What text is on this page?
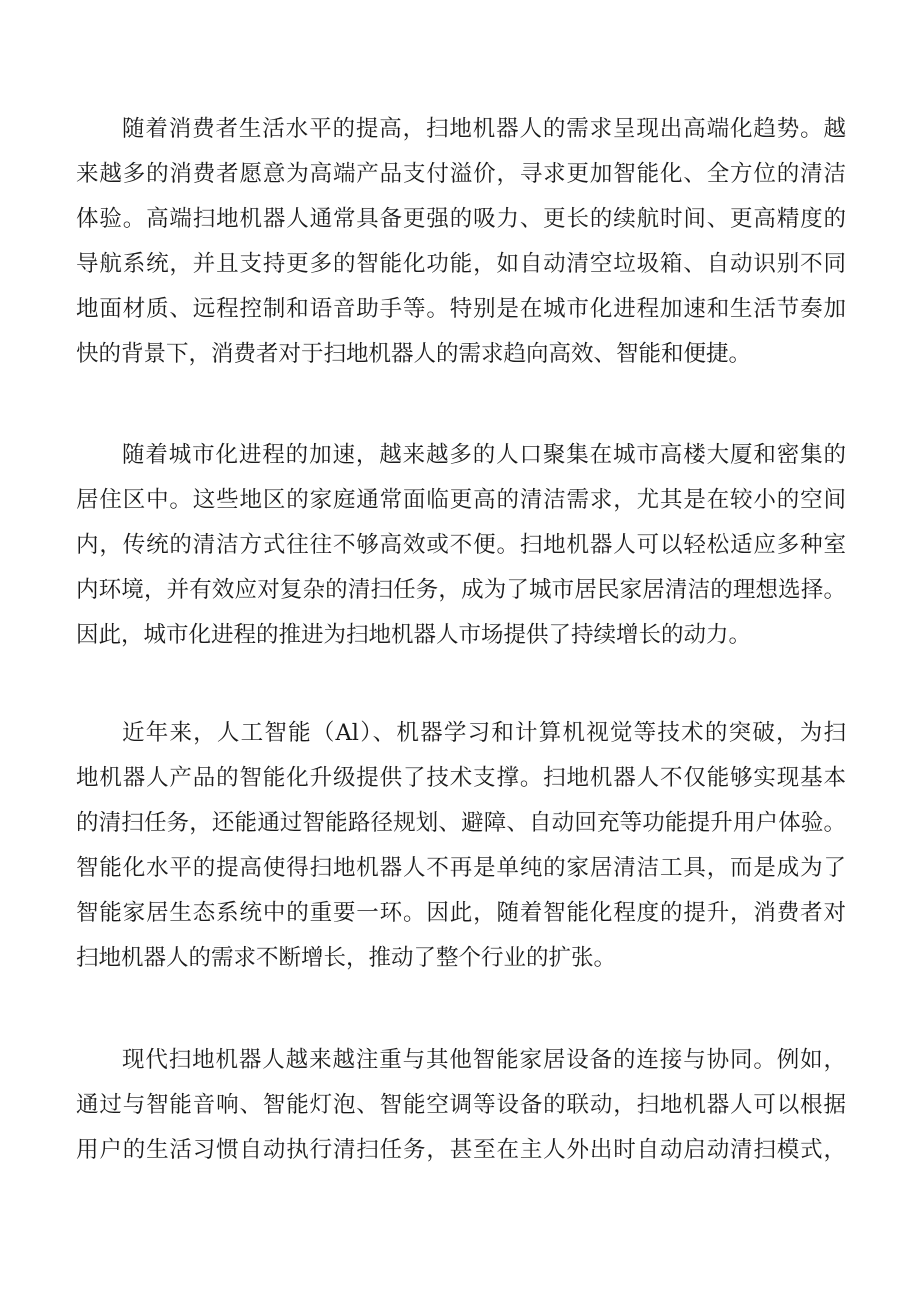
随着消费者生活水平的提高，扫地机器人的需求呈现出高端化趋势。越
来越多的消费者愿意为高端产品支付溢价，寻求更加智能化、全方位的清洁
体验。高端扫地机器人通常具备更强的吸力、更长的续航时间、更高精度的
导航系统，并且支持更多的智能化功能，如自动清空垃圾箱、自动识别不同
地面材质、远程控制和语音助手等。特别是在城市化进程加速和生活节奏加
快的背景下，消费者对于扫地机器人的需求趋向高效、智能和便捷。
随着城市化进程的加速，越来越多的人口聚集在城市高楼大厦和密集的
居住区中。这些地区的家庭通常面临更高的清洁需求，尤其是在较小的空间
内，传统的清洁方式往往不够高效或不便。扫地机器人可以轻松适应多种室
内环境，并有效应对复杂的清扫任务，成为了城市居民家居清洁的理想选择。
因此，城市化进程的推进为扫地机器人市场提供了持续增长的动力。
近年来，人工智能（Al）、机器学习和计算机视觉等技术的突破，为扫
地机器人产品的智能化升级提供了技术支撑。扫地机器人不仅能够实现基本
的清扫任务，还能通过智能路径规划、避障、自动回充等功能提升用户体验。
智能化水平的提高使得扫地机器人不再是单纯的家居清洁工具，而是成为了
智能家居生态系统中的重要一环。因此，随着智能化程度的提升，消费者对
扫地机器人的需求不断增长，推动了整个行业的扩张。
现代扫地机器人越来越注重与其他智能家居设备的连接与协同。例如，
通过与智能音响、智能灯泡、智能空调等设备的联动，扫地机器人可以根据
用户的生活习惯自动执行清扫任务，甚至在主人外出时自动启动清扫模式，
